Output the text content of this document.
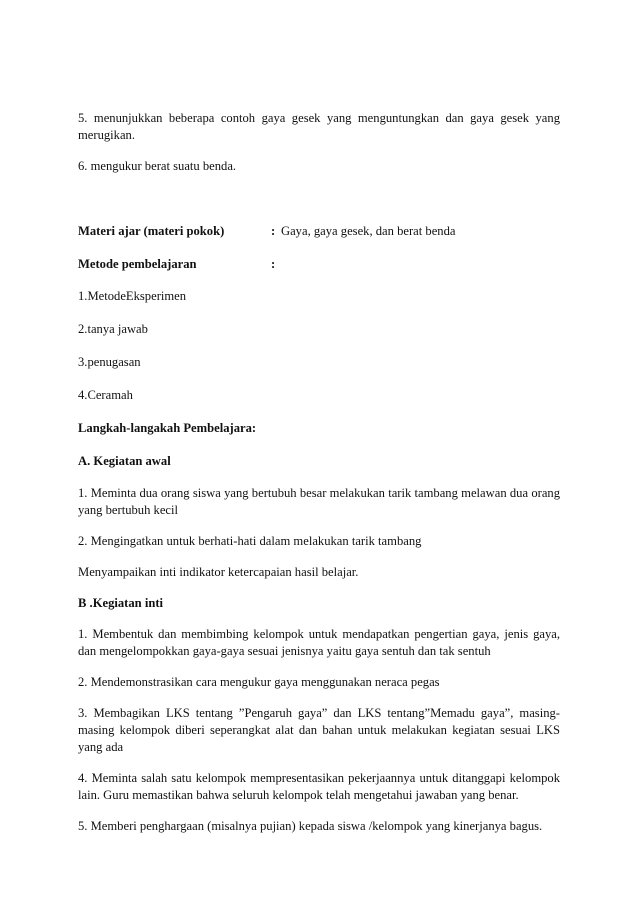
5. menunjukkan beberapa contoh gaya gesek yang menguntungkan dan gaya gesek yang merugikan.

6. mengukur berat suatu benda.

Materi ajar (materi pokok)	: Gaya, gaya gesek, dan berat benda
Metode pembelajaran	:

1.MetodeEksperimen

2.tanya jawab

3.penugasan

4.Ceramah

Langkah-langakah Pembelajara:

A. Kegiatan awal

1. Meminta dua orang siswa yang bertubuh besar melakukan tarik tambang melawan dua orang yang bertubuh kecil

2. Mengingatkan untuk berhati-hati dalam melakukan tarik tambang

Menyampaikan inti indikator ketercapaian hasil belajar.

B .Kegiatan inti

1. Membentuk dan membimbing kelompok untuk mendapatkan pengertian gaya, jenis gaya, dan mengelompokkan gaya-gaya sesuai jenisnya yaitu gaya sentuh dan tak sentuh

2. Mendemonstrasikan cara mengukur gaya menggunakan neraca pegas

3. Membagikan LKS tentang ”Pengaruh gaya” dan LKS tentang”Memadu gaya”, masing-masing kelompok diberi seperangkat alat dan bahan untuk melakukan kegiatan sesuai LKS yang ada

4. Meminta salah satu kelompok mempresentasikan pekerjaannya untuk ditanggapi kelompok lain. Guru memastikan bahwa seluruh kelompok telah mengetahui jawaban yang benar.

5. Memberi penghargaan (misalnya pujian) kepada siswa /kelompok yang kinerjanya bagus.
